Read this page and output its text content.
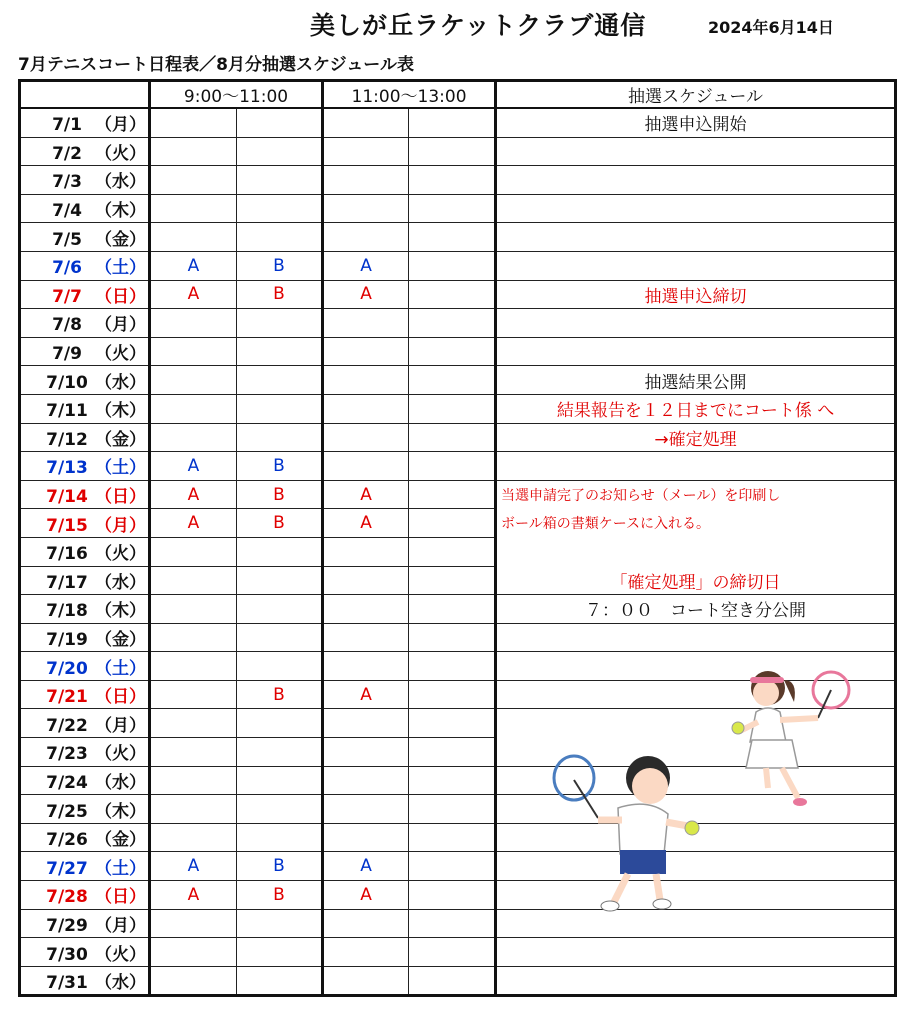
美しが丘ラケットクラブ通信	2024年6月14日
7月テニスコート日程表／8月分抽選スケジュール表
	9:00〜11:00		11:00〜13:00		抽選スケジュール
7/1 （月）					抽選申込開始
7/2 （火）					
7/3 （水）					
7/4 （木）					
7/5 （金）					
7/6 （土）	A	B	A		
7/7 （日）	A	B	A		抽選申込締切
7/8 （月）					
7/9 （火）					
7/10 （水）					抽選結果公開
7/11 （木）					結果報告を１２日までにコート係 へ
7/12 （金）					→確定処理
7/13 （土）	A	B			
7/14 （日）	A	B	A		当選申請完了のお知らせ（メール）を印刷し
7/15 （月）	A	B	A		ボール箱の書類ケースに入れる。
7/16 （火）					
7/17 （水）					「確定処理」の締切日
7/18 （木）					７：００　コート空き分公開
7/19 （金）					
7/20 （土）					
7/21 （日）		B	A		
7/22 （月）					
7/23 （火）					
7/24 （水）					
7/25 （木）					
7/26 （金）					
7/27 （土）	A	B	A		
7/28 （日）	A	B	A		
7/29 （月）					
7/30 （火）					
7/31 （水）					
